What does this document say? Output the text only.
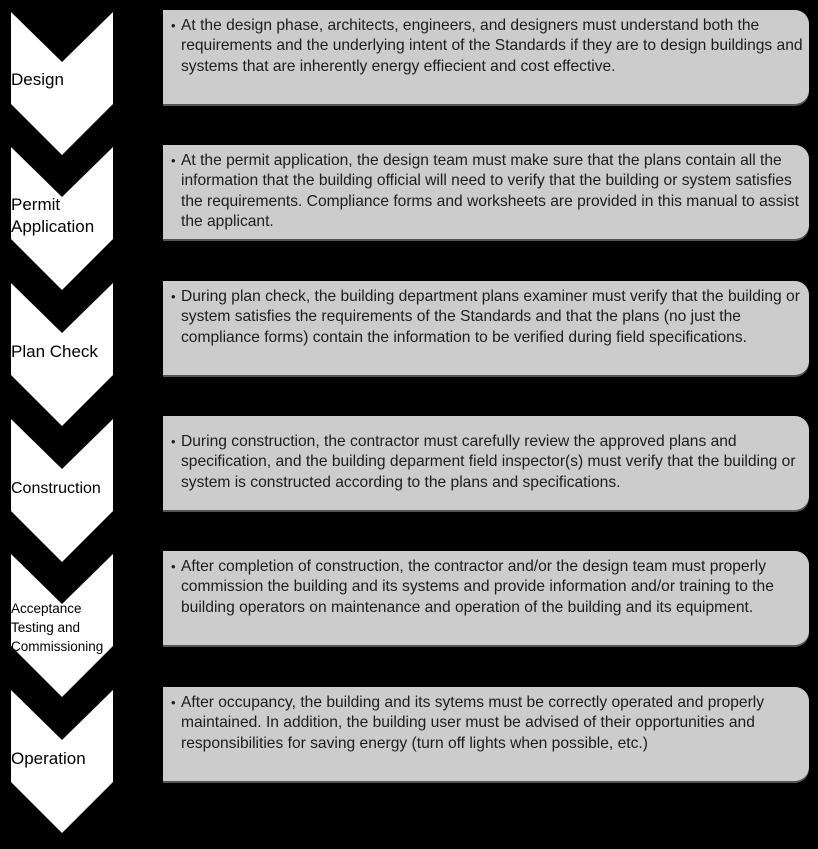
Design

• At the design phase, architects, engineers, and designers must understand both the requirements and the underlying intent of the Standards if they are to design buildings and systems that are inherently energy effiecient and cost effective.

Permit
Application

• At the permit application, the design team must make sure that the plans contain all the information that the building official will need to verify that the building or system satisfies the requirements. Compliance forms and worksheets are provided in this manual to assist the applicant.

Plan Check

• During plan check, the building department plans examiner must verify that the building or system satisfies the requirements of the Standards and that the plans (no just the compliance forms) contain the information to be verified during field specifications.

Construction

• During construction, the contractor must carefully review the approved plans and specification, and the building deparment field inspector(s) must verify that the building or system is constructed according to the plans and specifications.

Acceptance
Testing and
Commissioning

• After completion of construction, the contractor and/or the design team must properly commission the building and its systems and provide information and/or training to the building operators on maintenance and operation of the building and its equipment.

Operation

• After occupancy, the building and its sytems must be correctly operated and properly maintained. In addition, the building user must be advised of their opportunities and responsibilities for saving energy (turn off lights when possible, etc.)
